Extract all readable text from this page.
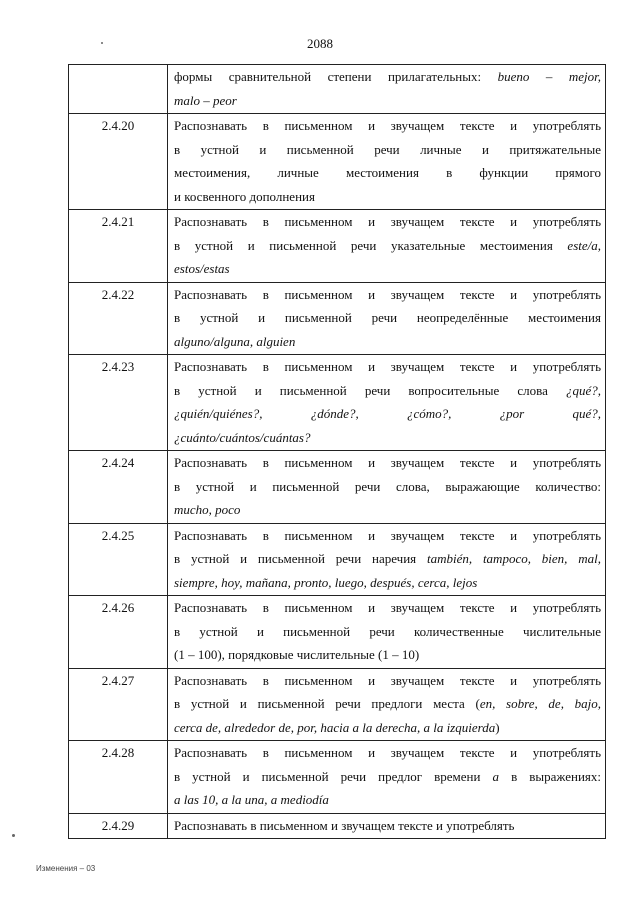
2088

	формы сравнительной степени прилагательных: bueno – mejor,
malo – peor

2.4.20	Распознавать в письменном и звучащем тексте и употреблять
в устной и письменной речи личные и притяжательные
местоимения, личные местоимения в функции прямого
и косвенного дополнения

2.4.21	Распознавать в письменном и звучащем тексте и употреблять
в устной и письменной речи указательные местоимения este/a,
estos/estas

2.4.22	Распознавать в письменном и звучащем тексте и употреблять
в устной и письменной речи неопределённые местоимения
alguno/alguna, alguien

2.4.23	Распознавать в письменном и звучащем тексте и употреблять
в устной и письменной речи вопросительные слова ¿qué?,
¿quién/quiénes?, ¿dónde?, ¿cómo?, ¿por qué?,
¿cuánto/cuántos/cuántas?

2.4.24	Распознавать в письменном и звучащем тексте и употреблять
в устной и письменной речи слова, выражающие количество:
mucho, poco

2.4.25	Распознавать в письменном и звучащем тексте и употреблять
в устной и письменной речи наречия también, tampoco, bien, mal,
siempre, hoy, mañana, pronto, luego, después, cerca, lejos

2.4.26	Распознавать в письменном и звучащем тексте и употреблять
в устной и письменной речи количественные числительные
(1 – 100), порядковые числительные (1 – 10)

2.4.27	Распознавать в письменном и звучащем тексте и употреблять
в устной и письменной речи предлоги места (en, sobre, de, bajo,
cerca de, alrededor de, por, hacia a la derecha, a la izquierda)

2.4.28	Распознавать в письменном и звучащем тексте и употреблять
в устной и письменной речи предлог времени a в выражениях:
a las 10, a la una, a mediodía

2.4.29	Распознавать в письменном и звучащем тексте и употреблять
Изменения – 03
